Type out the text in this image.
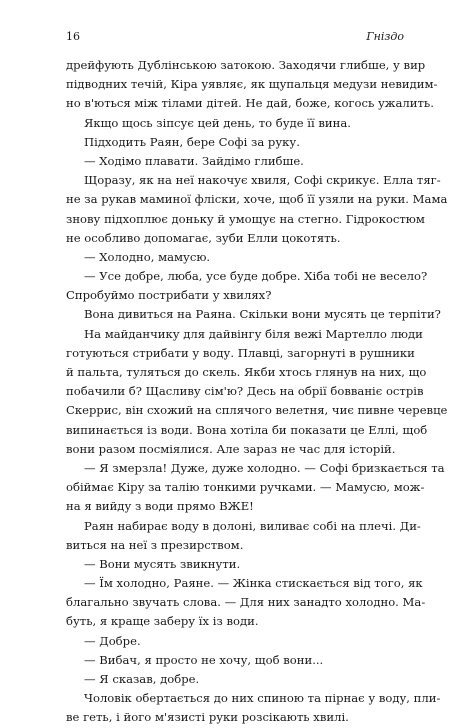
16	Гніздо
дрейфують Дублінською затокою. Заходячи глибше, у вир
підводних течій, Кіра уявляє, як щупальця медузи невидим-
но в'ються між тілами дітей. Не дай, боже, когось ужалить.
Якщо щось зіпсує цей день, то буде її вина.
Підходить Раян, бере Софі за руку.
— Ходімо плавати. Зайдімо глибше.
Щоразу, як на неї накочує хвиля, Софі скрикує. Елла тяг-
не за рукав маминої фліски, хоче, щоб її узяли на руки. Мама
знову підхоплює доньку й умощує на стегно. Гідрокостюм
не особливо допомагає, зуби Елли цокотять.
— Холодно, мамусю.
— Усе добре, люба, усе буде добре. Хіба тобі не весело?
Спробуймо пострибати у хвилях?
Вона дивиться на Раяна. Скільки вони мусять це терпіти?
На майданчику для дайвінгу біля вежі Мартелло люди
готуються стрибати у воду. Плавці, загорнуті в рушники
й пальта, туляться до скель. Якби хтось глянув на них, що
побачили б? Щасливу сім'ю? Десь на обрії бовваніє острів
Скеррис, він схожий на сплячого велетня, чиє пивне черевце
випинається із води. Вона хотіла би показати це Еллі, щоб
вони разом посміялися. Але зараз не час для історій.
— Я змерзла! Дуже, дуже холодно. — Софі бризкається та
обіймає Кіру за талію тонкими ручками. — Мамусю, мож-
на я вийду з води прямо ВЖЕ!
Раян набирає воду в долоні, виливає собі на плечі. Ди-
виться на неї з презирством.
— Вони мусять звикнути.
— Їм холодно, Раяне. — Жінка стискається від того, як
благально звучать слова. — Для них занадто холодно. Ма-
буть, я краще заберу їх із води.
— Добре.
— Вибач, я просто не хочу, щоб вони...
— Я сказав, добре.
Чоловік обертається до них спиною та пірнає у воду, пли-
ве геть, і його м'язисті руки розсікають хвилі.
